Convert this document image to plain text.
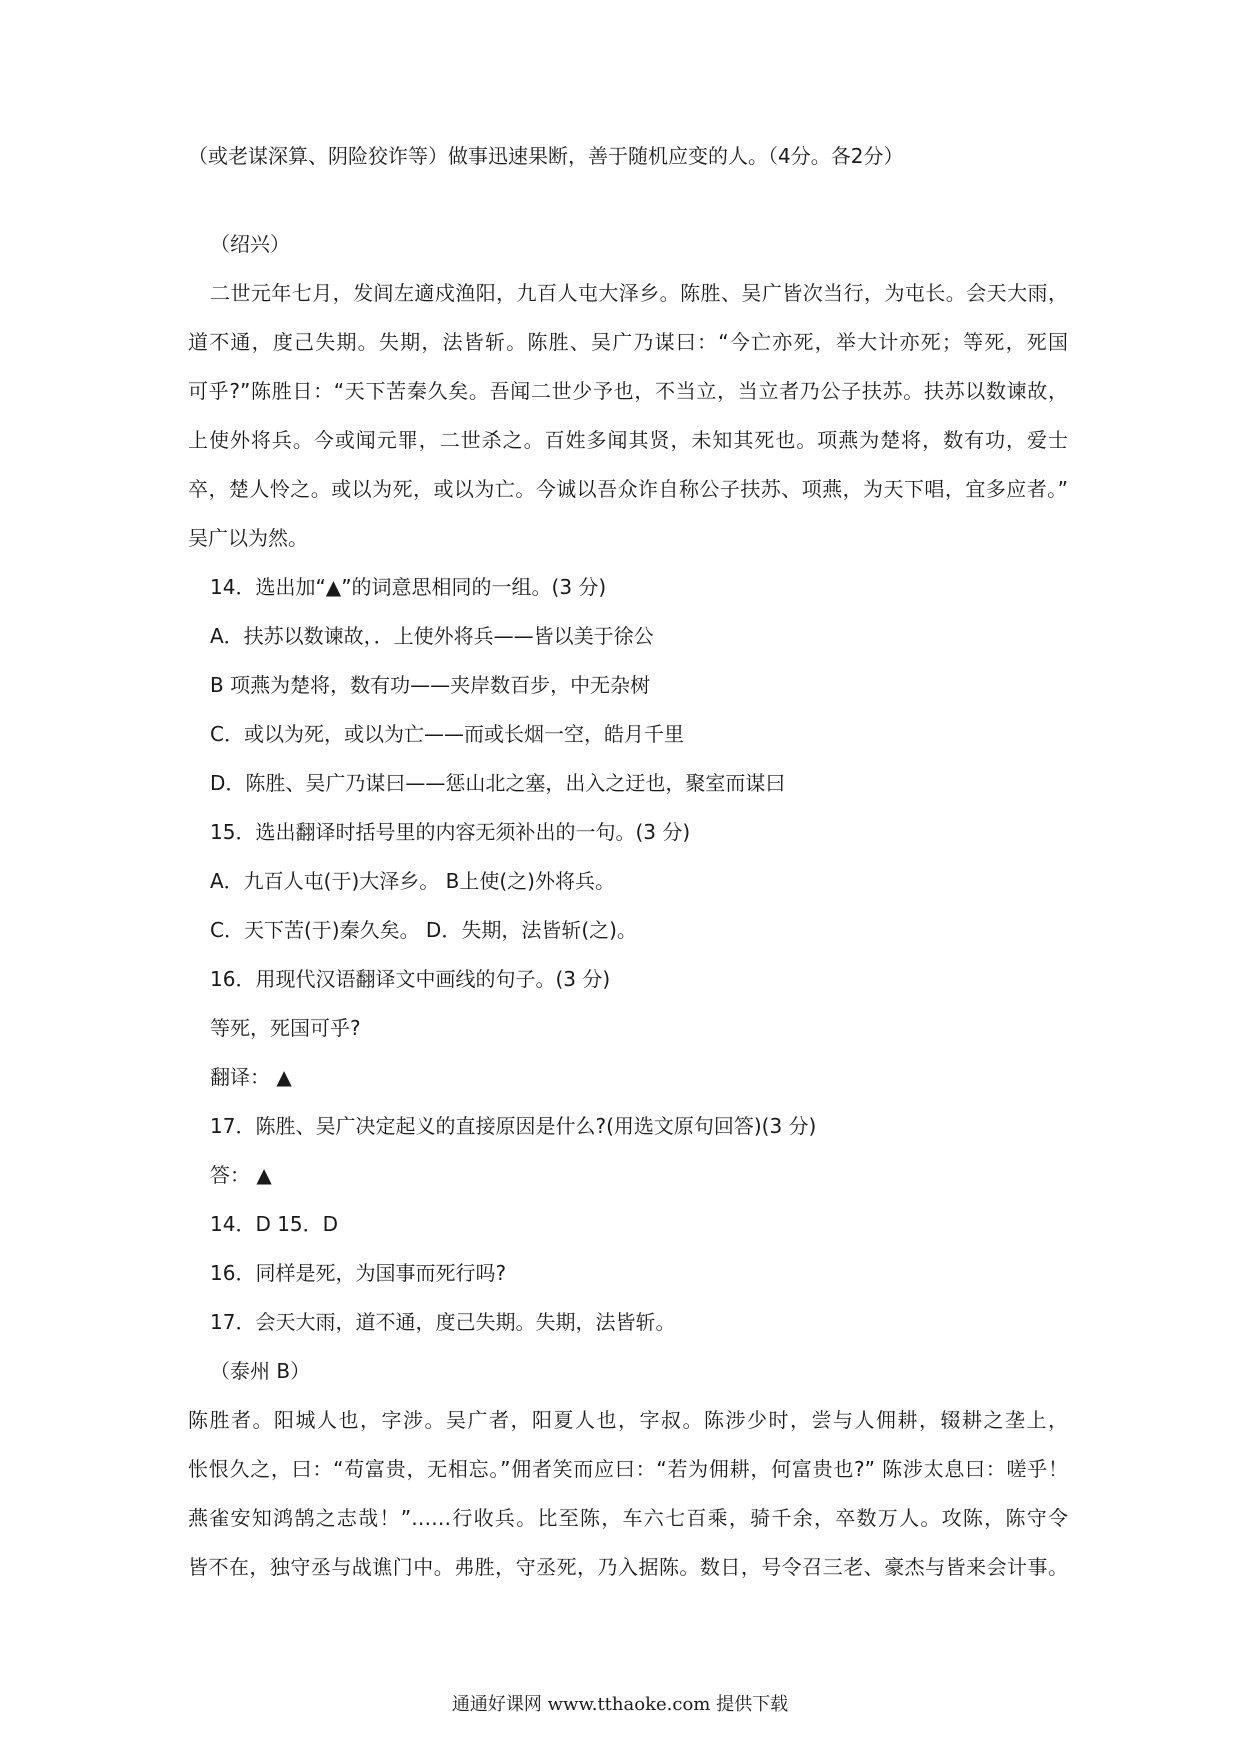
（或老谋深算、阴险狡诈等）做事迅速果断，善于随机应变的人。（4分。各2分）
（绍兴）
二世元年七月，发闾左適戍渔阳，九百人屯大泽乡。陈胜、吴广皆次当行，为屯长。会天大雨，
道不通，度己失期。失期，法皆斩。陈胜、吴广乃谋曰：“今亡亦死，举大计亦死；等死，死国
可乎?”陈胜日：“天下苦秦久矣。吾闻二世少予也，不当立，当立者乃公子扶苏。扶苏以数谏故，
上使外将兵。今或闻元罪，二世杀之。百姓多闻其贤，未知其死也。项燕为楚将，数有功，爱士
卒，楚人怜之。或以为死，或以为亡。今诚以吾众诈自称公子扶苏、项燕，为天下唱，宜多应者。”
吴广以为然。
14．选出加“▲”的词意思相同的一组。(3 分)
A．扶苏以数谏故，．上使外将兵——皆以美于徐公
B 项燕为楚将，数有功——夹岸数百步，中无杂树
C．或以为死，或以为亡——而或长烟一空，皓月千里
D．陈胜、吴广乃谋曰——惩山北之塞，出入之迂也，聚室而谋曰
15．选出翻译时括号里的内容无须补出的一句。(3 分)
A．九百人屯(于)大泽乡。 B上使(之)外将兵。
C．天下苦(于)秦久矣。 D．失期，法皆斩(之)。
16．用现代汉语翻译文中画线的句子。(3 分)
等死，死国可乎?
翻译： ▲
17．陈胜、吴广决定起义的直接原因是什么?(用选文原句回答)(3 分)
答： ▲
14．D 15．D
16．同样是死，为国事而死行吗?
17．会天大雨，道不通，度己失期。失期，法皆斩。
（泰州 B）
陈胜者。阳城人也，字涉。吴广者，阳夏人也，字叔。陈涉少时，尝与人佣耕，辍耕之垄上，
怅恨久之，曰：“苟富贵，无相忘。”佣者笑而应曰：“若为佣耕，何富贵也?” 陈涉太息曰：嗟乎！
燕雀安知鸿鹄之志哉！”……行收兵。比至陈，车六七百乘，骑千余，卒数万人。攻陈，陈守令
皆不在，独守丞与战谯门中。弗胜，守丞死，乃入据陈。数日，号令召三老、豪杰与皆来会计事。
通通好课网 www.tthaoke.com 提供下载
